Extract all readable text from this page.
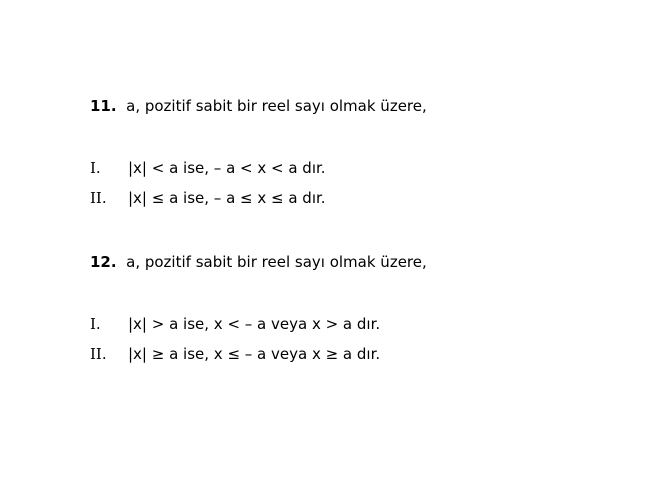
11. a, pozitif sabit bir reel sayı olmak üzere,
I. |x| < a ise, – a < x < a dır.
II. |x| ≤ a ise, – a ≤ x ≤ a dır.
12. a, pozitif sabit bir reel sayı olmak üzere,
I. |x| > a ise, x < – a veya x > a dır.
II. |x| ≥ a ise, x ≤ – a veya x ≥ a dır.
